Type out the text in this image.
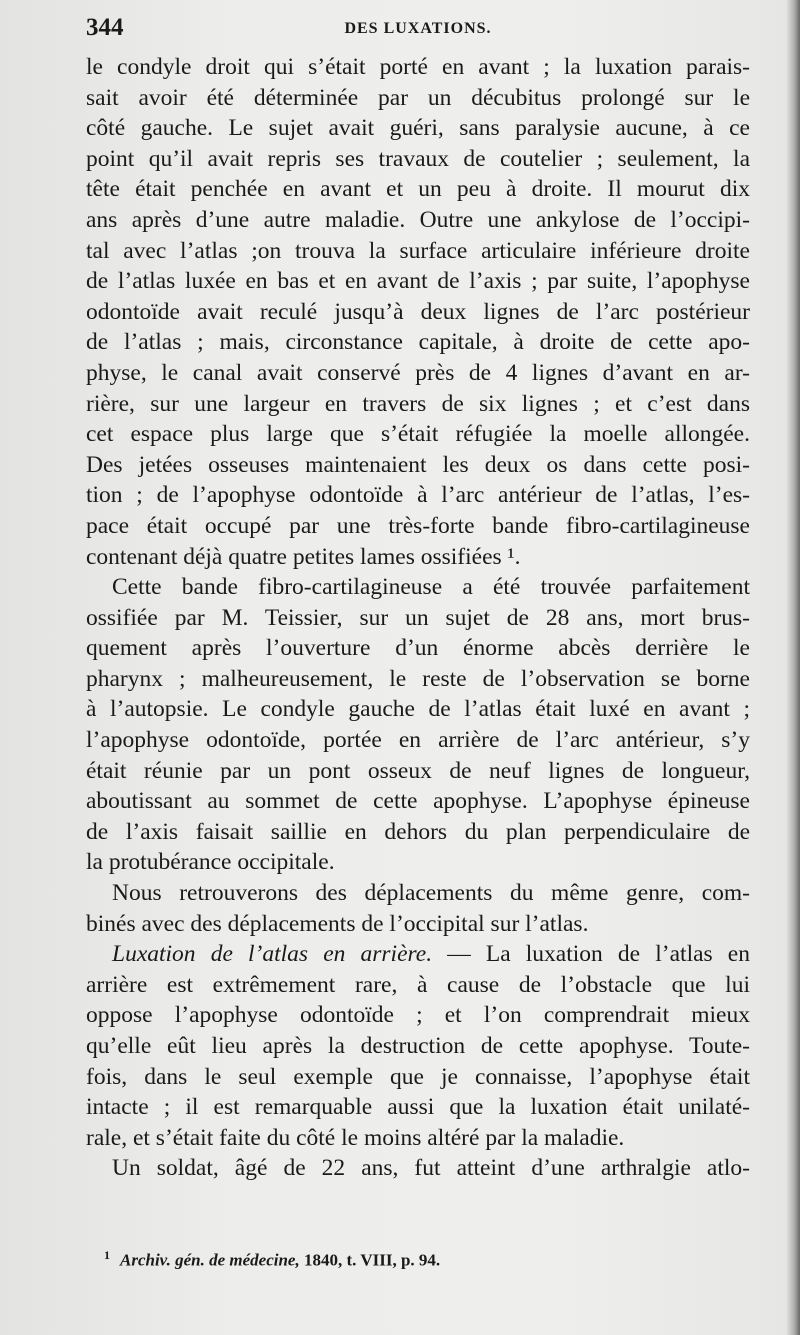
344	DES LUXATIONS.
le condyle droit qui s’était porté en avant ; la luxation parais-
sait avoir été déterminée par un décubitus prolongé sur le
côté gauche. Le sujet avait guéri, sans paralysie aucune, à ce
point qu’il avait repris ses travaux de coutelier ; seulement, la
tête était penchée en avant et un peu à droite. Il mourut dix
ans après d’une autre maladie. Outre une ankylose de l’occipi-
tal avec l’atlas ;on trouva la surface articulaire inférieure droite
de l’atlas luxée en bas et en avant de l’axis ; par suite, l’apophyse
odontoïde avait reculé jusqu’à deux lignes de l’arc postérieur
de l’atlas ; mais, circonstance capitale, à droite de cette apo-
physe, le canal avait conservé près de 4 lignes d’avant en ar-
rière, sur une largeur en travers de six lignes ; et c’est dans
cet espace plus large que s’était réfugiée la moelle allongée.
Des jetées osseuses maintenaient les deux os dans cette posi-
tion ; de l’apophyse odontoïde à l’arc antérieur de l’atlas, l’es-
pace était occupé par une très-forte bande fibro-cartilagineuse
contenant déjà quatre petites lames ossifiées ¹.
Cette bande fibro-cartilagineuse a été trouvée parfaitement
ossifiée par M. Teissier, sur un sujet de 28 ans, mort brus-
quement après l’ouverture d’un énorme abcès derrière le
pharynx ; malheureusement, le reste de l’observation se borne
à l’autopsie. Le condyle gauche de l’atlas était luxé en avant ;
l’apophyse odontoïde, portée en arrière de l’arc antérieur, s’y
était réunie par un pont osseux de neuf lignes de longueur,
aboutissant au sommet de cette apophyse. L’apophyse épineuse
de l’axis faisait saillie en dehors du plan perpendiculaire de
la protubérance occipitale.
Nous retrouverons des déplacements du même genre, com-
binés avec des déplacements de l’occipital sur l’atlas.
Luxation de l’atlas en arrière. — La luxation de l’atlas en
arrière est extrêmement rare, à cause de l’obstacle que lui
oppose l’apophyse odontoïde ; et l’on comprendrait mieux
qu’elle eût lieu après la destruction de cette apophyse. Toute-
fois, dans le seul exemple que je connaisse, l’apophyse était
intacte ; il est remarquable aussi que la luxation était unilaté-
rale, et s’était faite du côté le moins altéré par la maladie.
Un soldat, âgé de 22 ans, fut atteint d’une arthralgie atlo-
$^1$ Archiv. gén. de médecine, 1840, t. VIII, p. 94.
